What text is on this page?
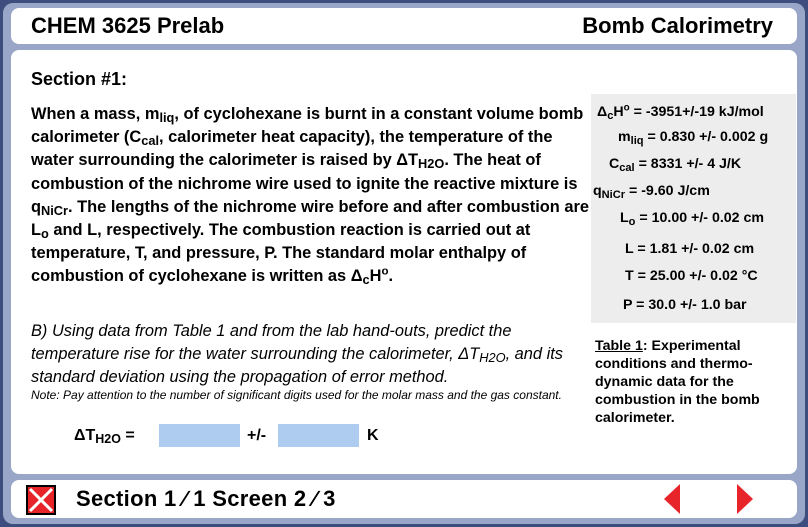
CHEM 3625 Prelab	Bomb Calorimetry
Section #1:
When a mass, $m_{liq}$, of cyclohexane is burnt in a constant volume bomb calorimeter ($C_{cal}$, calorimeter heat capacity), the temperature of the water surrounding the calorimeter is raised by $\Delta T_{H2O}$. The heat of combustion of the nichrome wire used to ignite the reactive mixture is $q_{NiCr}$. The lengths of the nichrome wire before and after combustion are $L_o$ and L, respectively. The combustion reaction is carried out at temperature, T, and pressure, P. The standard molar enthalpy of combustion of cyclohexane is written as $\Delta_cH^o$.
B) Using data from Table 1 and from the lab hand-outs, predict the temperature rise for the water surrounding the calorimeter, $\Delta T_{H2O}$, and its standard deviation using the propagation of error method.
Note: Pay attention to the number of significant digits used for the molar mass and the gas constant.
$\Delta T_{H2O}$ =	+/-	K
$\Delta_cH^o = -3951+/-19$ kJ/mol
$m_{liq} = 0.830$ +/- 0.002 g
$C_{cal} = 8331$ +/- 4 J/K
$q_{NiCr} = -9.60$ J/cm
$L_o = 10.00$ +/- 0.02 cm
L = 1.81 +/- 0.02 cm
T = 25.00 +/- 0.02 °C
P = 30.0 +/- 1.0 bar
Table 1: Experimental conditions and thermo-dynamic data for the combustion in the bomb calorimeter.
Section 1 ∕ 1 Screen 2 ∕ 3
